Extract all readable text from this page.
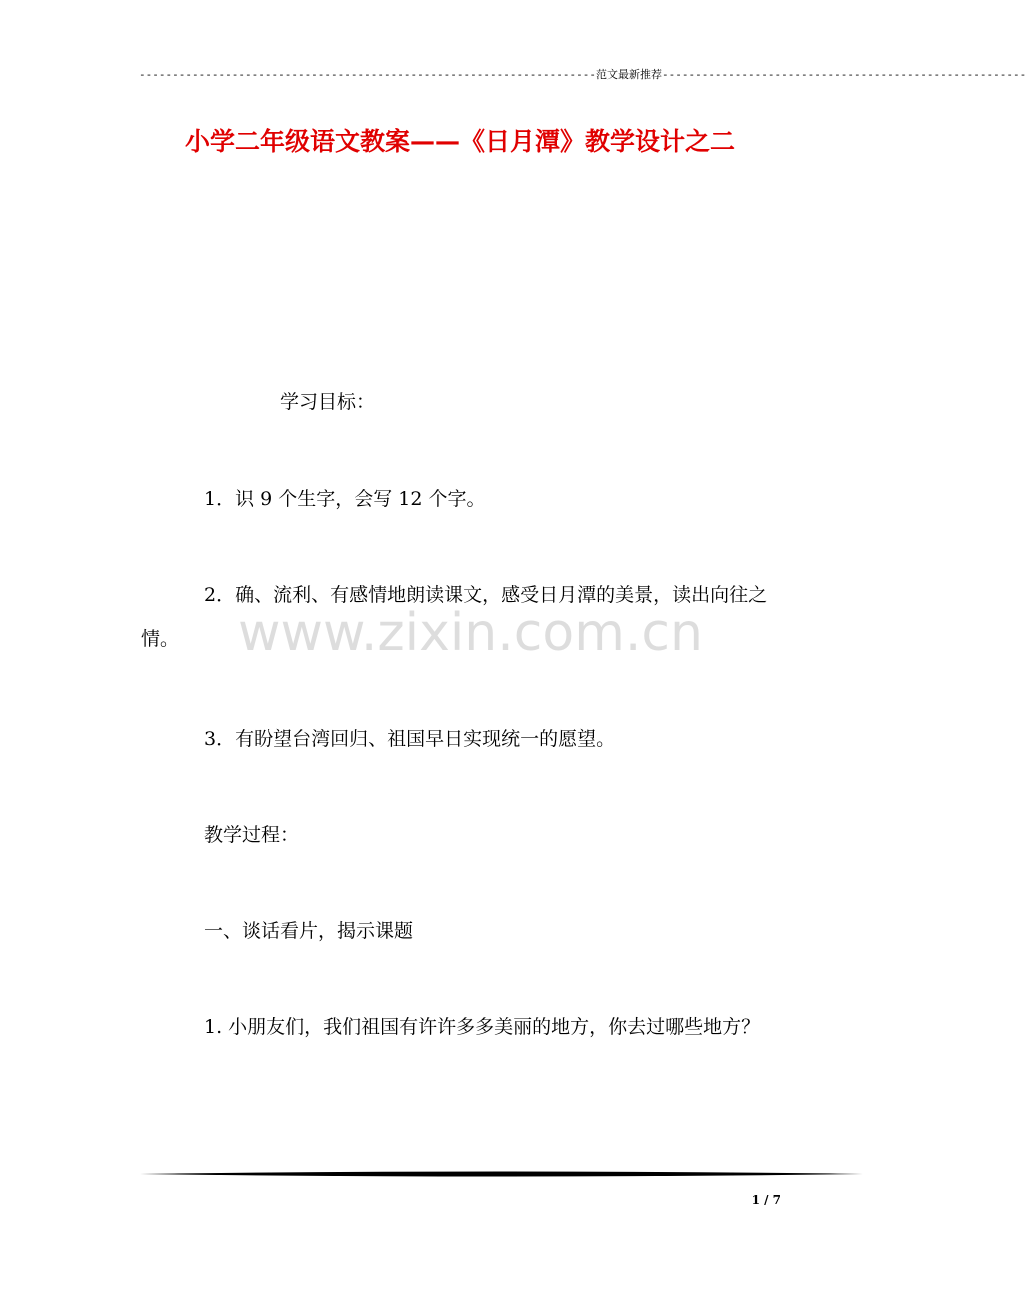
---------------------------------------------------------------------范文最新推荐-------------------------------------------------------
小学二年级语文教案——《日月潭》教学设计之二
学习目标：
1．识 9 个生字，会写 12 个字。
2．确、流利、有感情地朗读课文，感受日月潭的美景，读出向往之情。
3．有盼望台湾回归、祖国早日实现统一的愿望。
教学过程：
一、谈话看片，揭示课题
1. 小朋友们，我们祖国有许许多多美丽的地方，你去过哪些地方？
www.zixin.com.cn
1 / 7
